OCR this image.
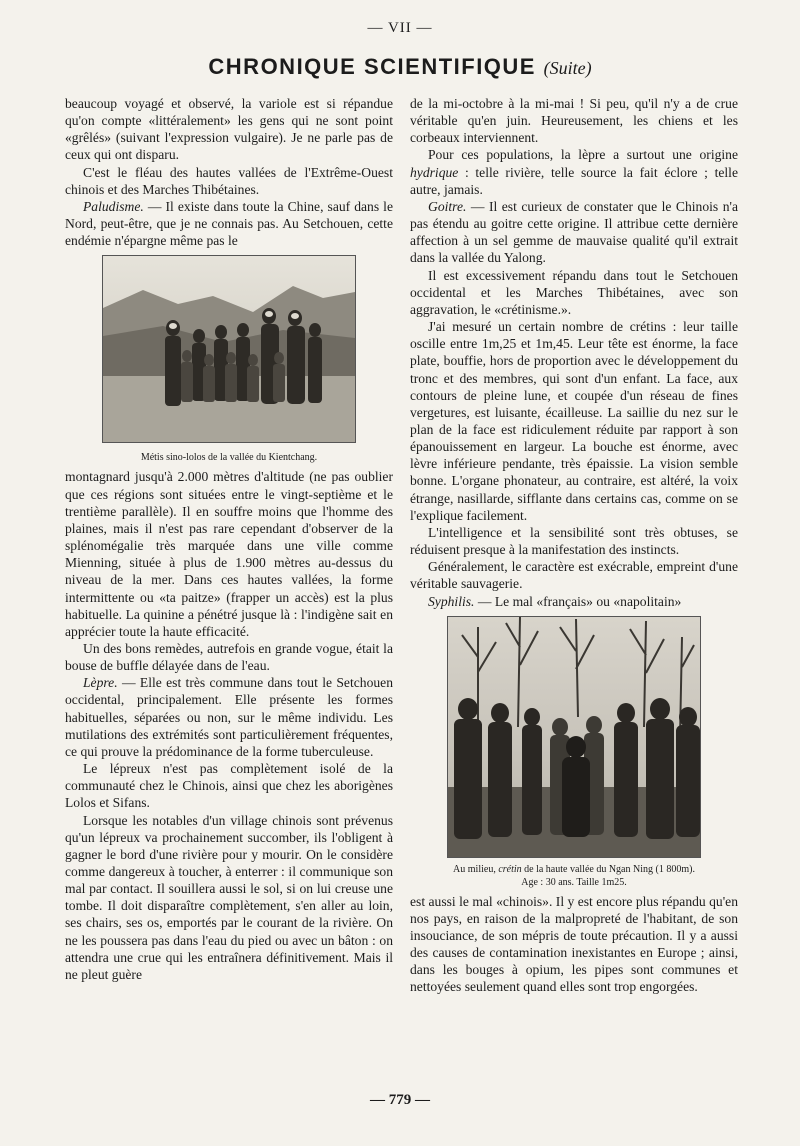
— VII —
CHRONIQUE SCIENTIFIQUE (Suite)

beaucoup voyagé et observé, la variole est si répandue qu'on compte «littéralement» les gens qui ne sont point «grêlés» (suivant l'expression vulgaire). Je ne parle pas de ceux qui ont disparu.

C'est le fléau des hautes vallées de l'Extrême-Ouest chinois et des Marches Thibétaines.

Paludisme. — Il existe dans toute la Chine, sauf dans le Nord, peut-être, que je ne connais pas. Au Setchouen, cette endémie n'épargne même pas le

Métis sino-lolos de la vallée du Kientchang.

montagnard jusqu'à 2.000 mètres d'altitude (ne pas oublier que ces régions sont situées entre le vingt-septième et le trentième parallèle). Il en souffre moins que l'homme des plaines, mais il n'est pas rare cependant d'observer de la splénomégalie très marquée dans une ville comme Mienning, située à plus de 1.900 mètres au-dessus du niveau de la mer. Dans ces hautes vallées, la forme intermittente ou «ta paitze» (frapper un accès) est la plus habituelle. La quinine a pénétré jusque là : l'indigène sait en apprécier toute la haute efficacité.

Un des bons remèdes, autrefois en grande vogue, était la bouse de buffle délayée dans de l'eau.

Lèpre. — Elle est très commune dans tout le Setchouen occidental, principalement. Elle présente les formes habituelles, séparées ou non, sur le même individu. Les mutilations des extrémités sont particulièrement fréquentes, ce qui prouve la prédominance de la forme tuberculeuse.

Le lépreux n'est pas complètement isolé de la communauté chez le Chinois, ainsi que chez les aborigènes Lolos et Sifans.

Lorsque les notables d'un village chinois sont prévenus qu'un lépreux va prochainement succomber, ils l'obligent à gagner le bord d'une rivière pour y mourir. On le considère comme dangereux à toucher, à enterrer : il communique son mal par contact. Il souillera aussi le sol, si on lui creuse une tombe. Il doit disparaître complètement, s'en aller au loin, ses chairs, ses os, emportés par le courant de la rivière. On ne les poussera pas dans l'eau du pied ou avec un bâton : on attendra une crue qui les entraînera définitivement. Mais il ne pleut guère

de la mi-octobre à la mi-mai ! Si peu, qu'il n'y a de crue véritable qu'en juin. Heureusement, les chiens et les corbeaux interviennent.

Pour ces populations, la lèpre a surtout une origine hydrique : telle rivière, telle source la fait éclore ; telle autre, jamais.

Goitre. — Il est curieux de constater que le Chinois n'a pas étendu au goitre cette origine. Il attribue cette dernière affection à un sel gemme de mauvaise qualité qu'il extrait dans la vallée du Yalong.

Il est excessivement répandu dans tout le Setchouen occidental et les Marches Thibétaines, avec son aggravation, le «crétinisme.».

J'ai mesuré un certain nombre de crétins : leur taille oscille entre 1m,25 et 1m,45. Leur tête est énorme, la face plate, bouffie, hors de proportion avec le développement du tronc et des membres, qui sont d'un enfant. La face, aux contours de pleine lune, et coupée d'un réseau de fines vergetures, est luisante, écailleuse. La saillie du nez sur le plan de la face est ridiculement réduite par rapport à son épanouissement en largeur. La bouche est énorme, avec lèvre inférieure pendante, très épaissie. La vision semble bonne. L'organe phonateur, au contraire, est altéré, la voix étrange, nasillarde, sifflante dans certains cas, comme on se l'explique facilement.

L'intelligence et la sensibilité sont très obtuses, se réduisent presque à la manifestation des instincts.

Généralement, le caractère est exécrable, empreint d'une véritable sauvagerie.

Syphilis. — Le mal «français» ou «napolitain»

Au milieu, crétin de la haute vallée du Ngan Ning (1 800m).
Age : 30 ans. Taille 1m25.

est aussi le mal «chinois». Il y est encore plus répandu qu'en nos pays, en raison de la malpropreté de l'habitant, de son insouciance, de son mépris de toute précaution. Il y a aussi des causes de contamination inexistantes en Europe ; ainsi, dans les bouges à opium, les pipes sont communes et nettoyées seulement quand elles sont trop engorgées.

— 779 —
